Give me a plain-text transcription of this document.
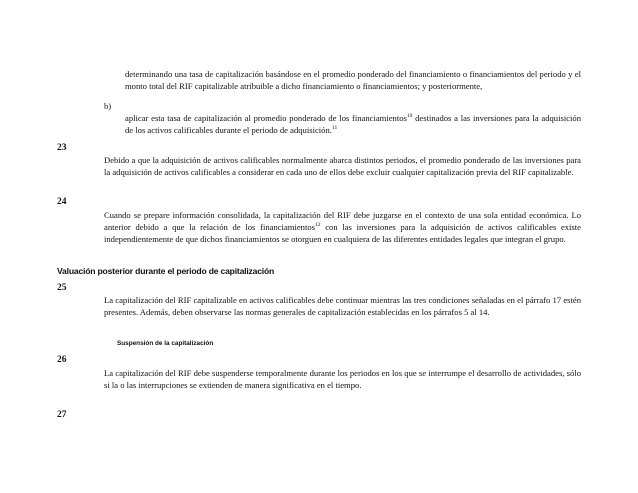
determinando una tasa de capitalización basándose en el promedio ponderado del financiamiento o financiamientos del periodo y el monto total del RIF capitalizable atribuible a dicho financiamiento o financiamientos; y posteriormente,
b)
aplicar esta tasa de capitalización al promedio ponderado de los financiamientos$^{10}$ destinados a las inversiones para la adquisición de los activos calificables durante el periodo de adquisición.$^{11}$
23
Debido a que la adquisición de activos calificables normalmente abarca distintos periodos, el promedio ponderado de las inversiones para la adquisición de activos calificables a considerar en cada uno de ellos debe excluir cualquier capitalización previa del RIF capitalizable.
24
Cuando se prepare información consolidada, la capitalización del RIF debe juzgarse en el contexto de una sola entidad económica. Lo anterior debido a que la relación de los financiamientos$^{12}$ con las inversiones para la adquisición de activos calificables existe independientemente de que dichos financiamientos se otorguen en cualquiera de las diferentes entidades legales que integran el grupo.
Valuación posterior durante el periodo de capitalización
25
La capitalización del RIF capitalizable en activos calificables debe continuar mientras las tres condiciones señaladas en el párrafo 17 estén presentes. Además, deben observarse las normas generales de capitalización establecidas en los párrafos 5 al 14.
Suspensión de la capitalización
26
La capitalización del RIF debe suspenderse temporalmente durante los periodos en los que se interrumpe el desarrollo de actividades, sólo si la o las interrupciones se extienden de manera significativa en el tiempo.
27
